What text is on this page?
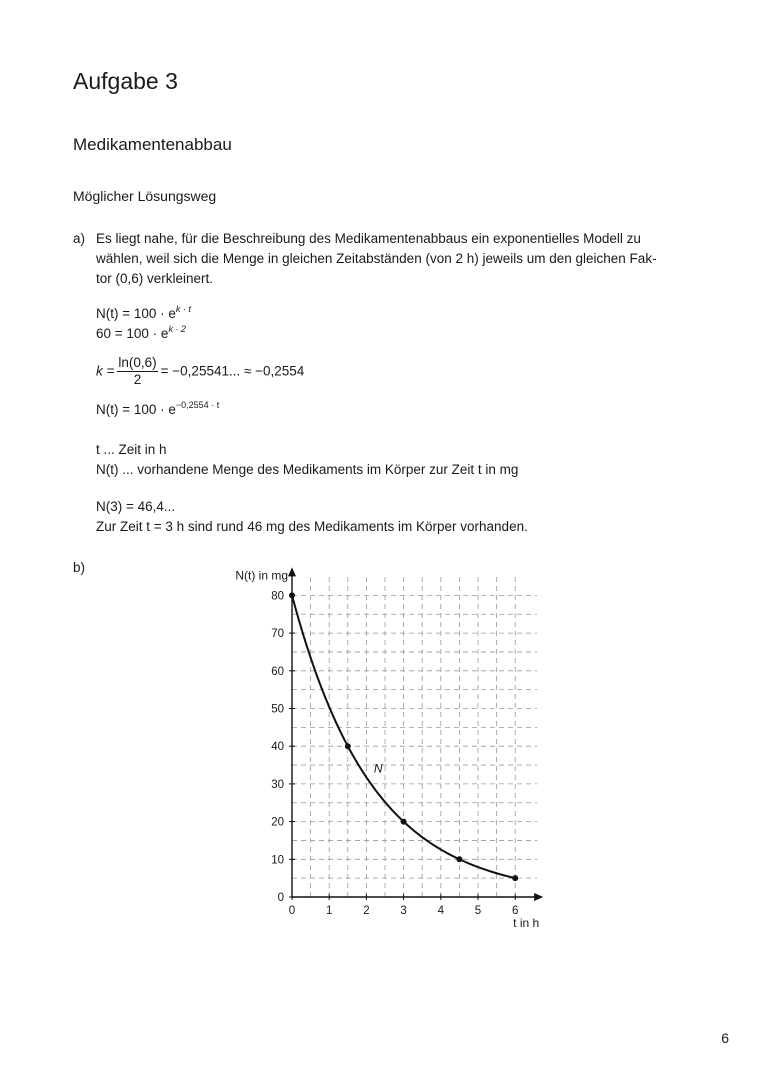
Aufgabe 3
Medikamentenabbau
Möglicher Lösungsweg
a) Es liegt nahe, für die Beschreibung des Medikamentenabbaus ein exponentielles Modell zu
wählen, weil sich die Menge in gleichen Zeitabständen (von 2 h) jeweils um den gleichen Fak-
tor (0,6) verkleinert.
$N(t) = 100 \cdot e^{k \cdot t}$
$60 = 100 \cdot e^{k \cdot 2}$
$k = \frac{\ln(0,6)}{2} = -0,25541$... ≈ −0,2554
$N(t) = 100 \cdot e^{-0,2554 \cdot t}$
t ... Zeit in h
N(t) ... vorhandene Menge des Medikaments im Körper zur Zeit t in mg
N(3) = 46,4...
Zur Zeit t = 3 h sind rund 46 mg des Medikaments im Körper vorhanden.
b)
0	1	2	3	4	5	6
0
10
20
30
40
50
60
70
80
N(t) in mg
t in h
N
6
